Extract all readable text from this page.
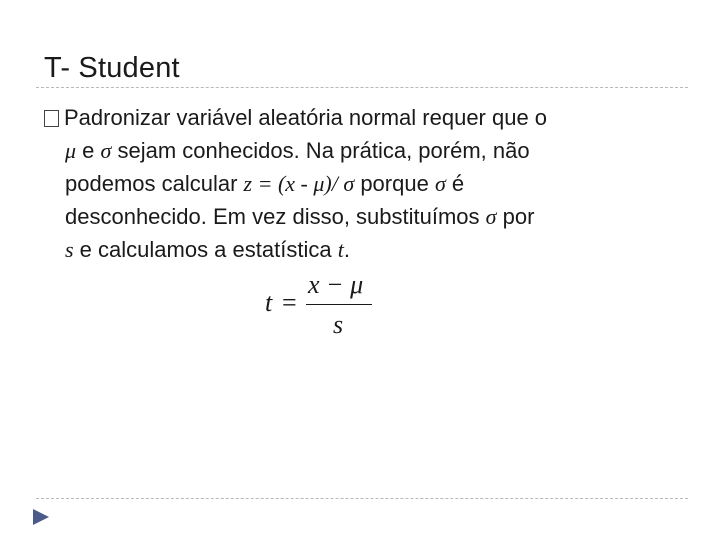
T- Student
Padronizar variável aleatória normal requer que o
μ e σ sejam conhecidos. Na prática, porém, não
podemos calcular z = (x - μ)/ σ porque σ é
desconhecido. Em vez disso, substituímos σ por
s e calculamos a estatística t.
t =
x − μ
s
